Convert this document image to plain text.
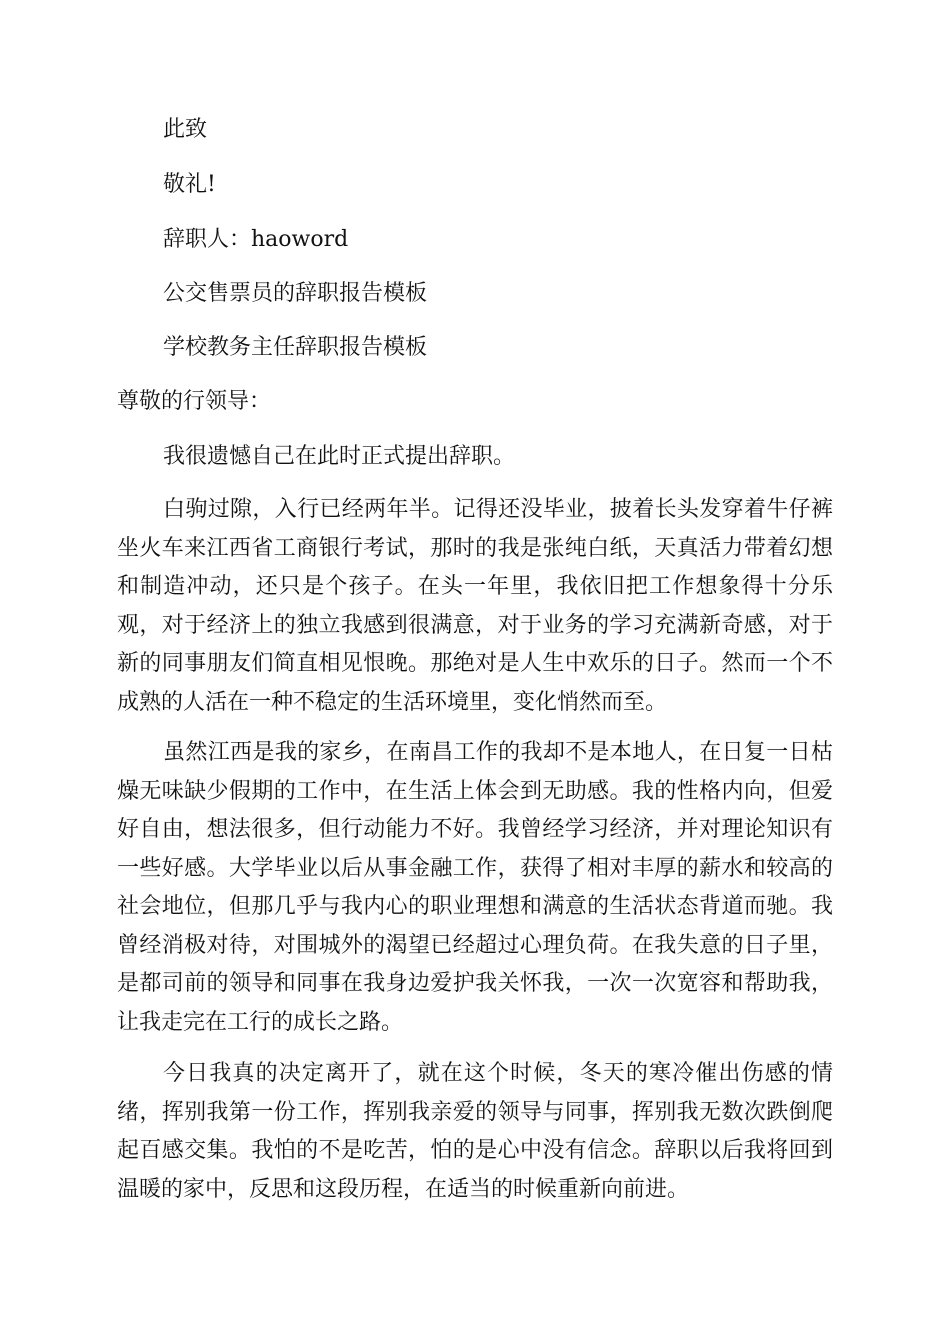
此致

敬礼!

辞职人：haoword

公交售票员的辞职报告模板

学校教务主任辞职报告模板

尊敬的行领导：

我很遗憾自己在此时正式提出辞职。

白驹过隙，入行已经两年半。记得还没毕业，披着长头发穿着牛仔裤坐火车来江西省工商银行考试，那时的我是张纯白纸，天真活力带着幻想和制造冲动，还只是个孩子。在头一年里，我依旧把工作想象得十分乐观，对于经济上的独立我感到很满意，对于业务的学习充满新奇感，对于新的同事朋友们简直相见恨晚。那绝对是人生中欢乐的日子。然而一个不成熟的人活在一种不稳定的生活环境里，变化悄然而至。

虽然江西是我的家乡，在南昌工作的我却不是本地人，在日复一日枯燥无味缺少假期的工作中，在生活上体会到无助感。我的性格内向，但爱好自由，想法很多，但行动能力不好。我曾经学习经济，并对理论知识有一些好感。大学毕业以后从事金融工作，获得了相对丰厚的薪水和较高的社会地位，但那几乎与我内心的职业理想和满意的生活状态背道而驰。我曾经消极对待，对围城外的渴望已经超过心理负荷。在我失意的日子里，是都司前的领导和同事在我身边爱护我关怀我，一次一次宽容和帮助我，让我走完在工行的成长之路。

今日我真的决定离开了，就在这个时候，冬天的寒冷催出伤感的情绪，挥别我第一份工作，挥别我亲爱的领导与同事，挥别我无数次跌倒爬起百感交集。我怕的不是吃苦，怕的是心中没有信念。辞职以后我将回到温暖的家中，反思和这段历程，在适当的时候重新向前进。
